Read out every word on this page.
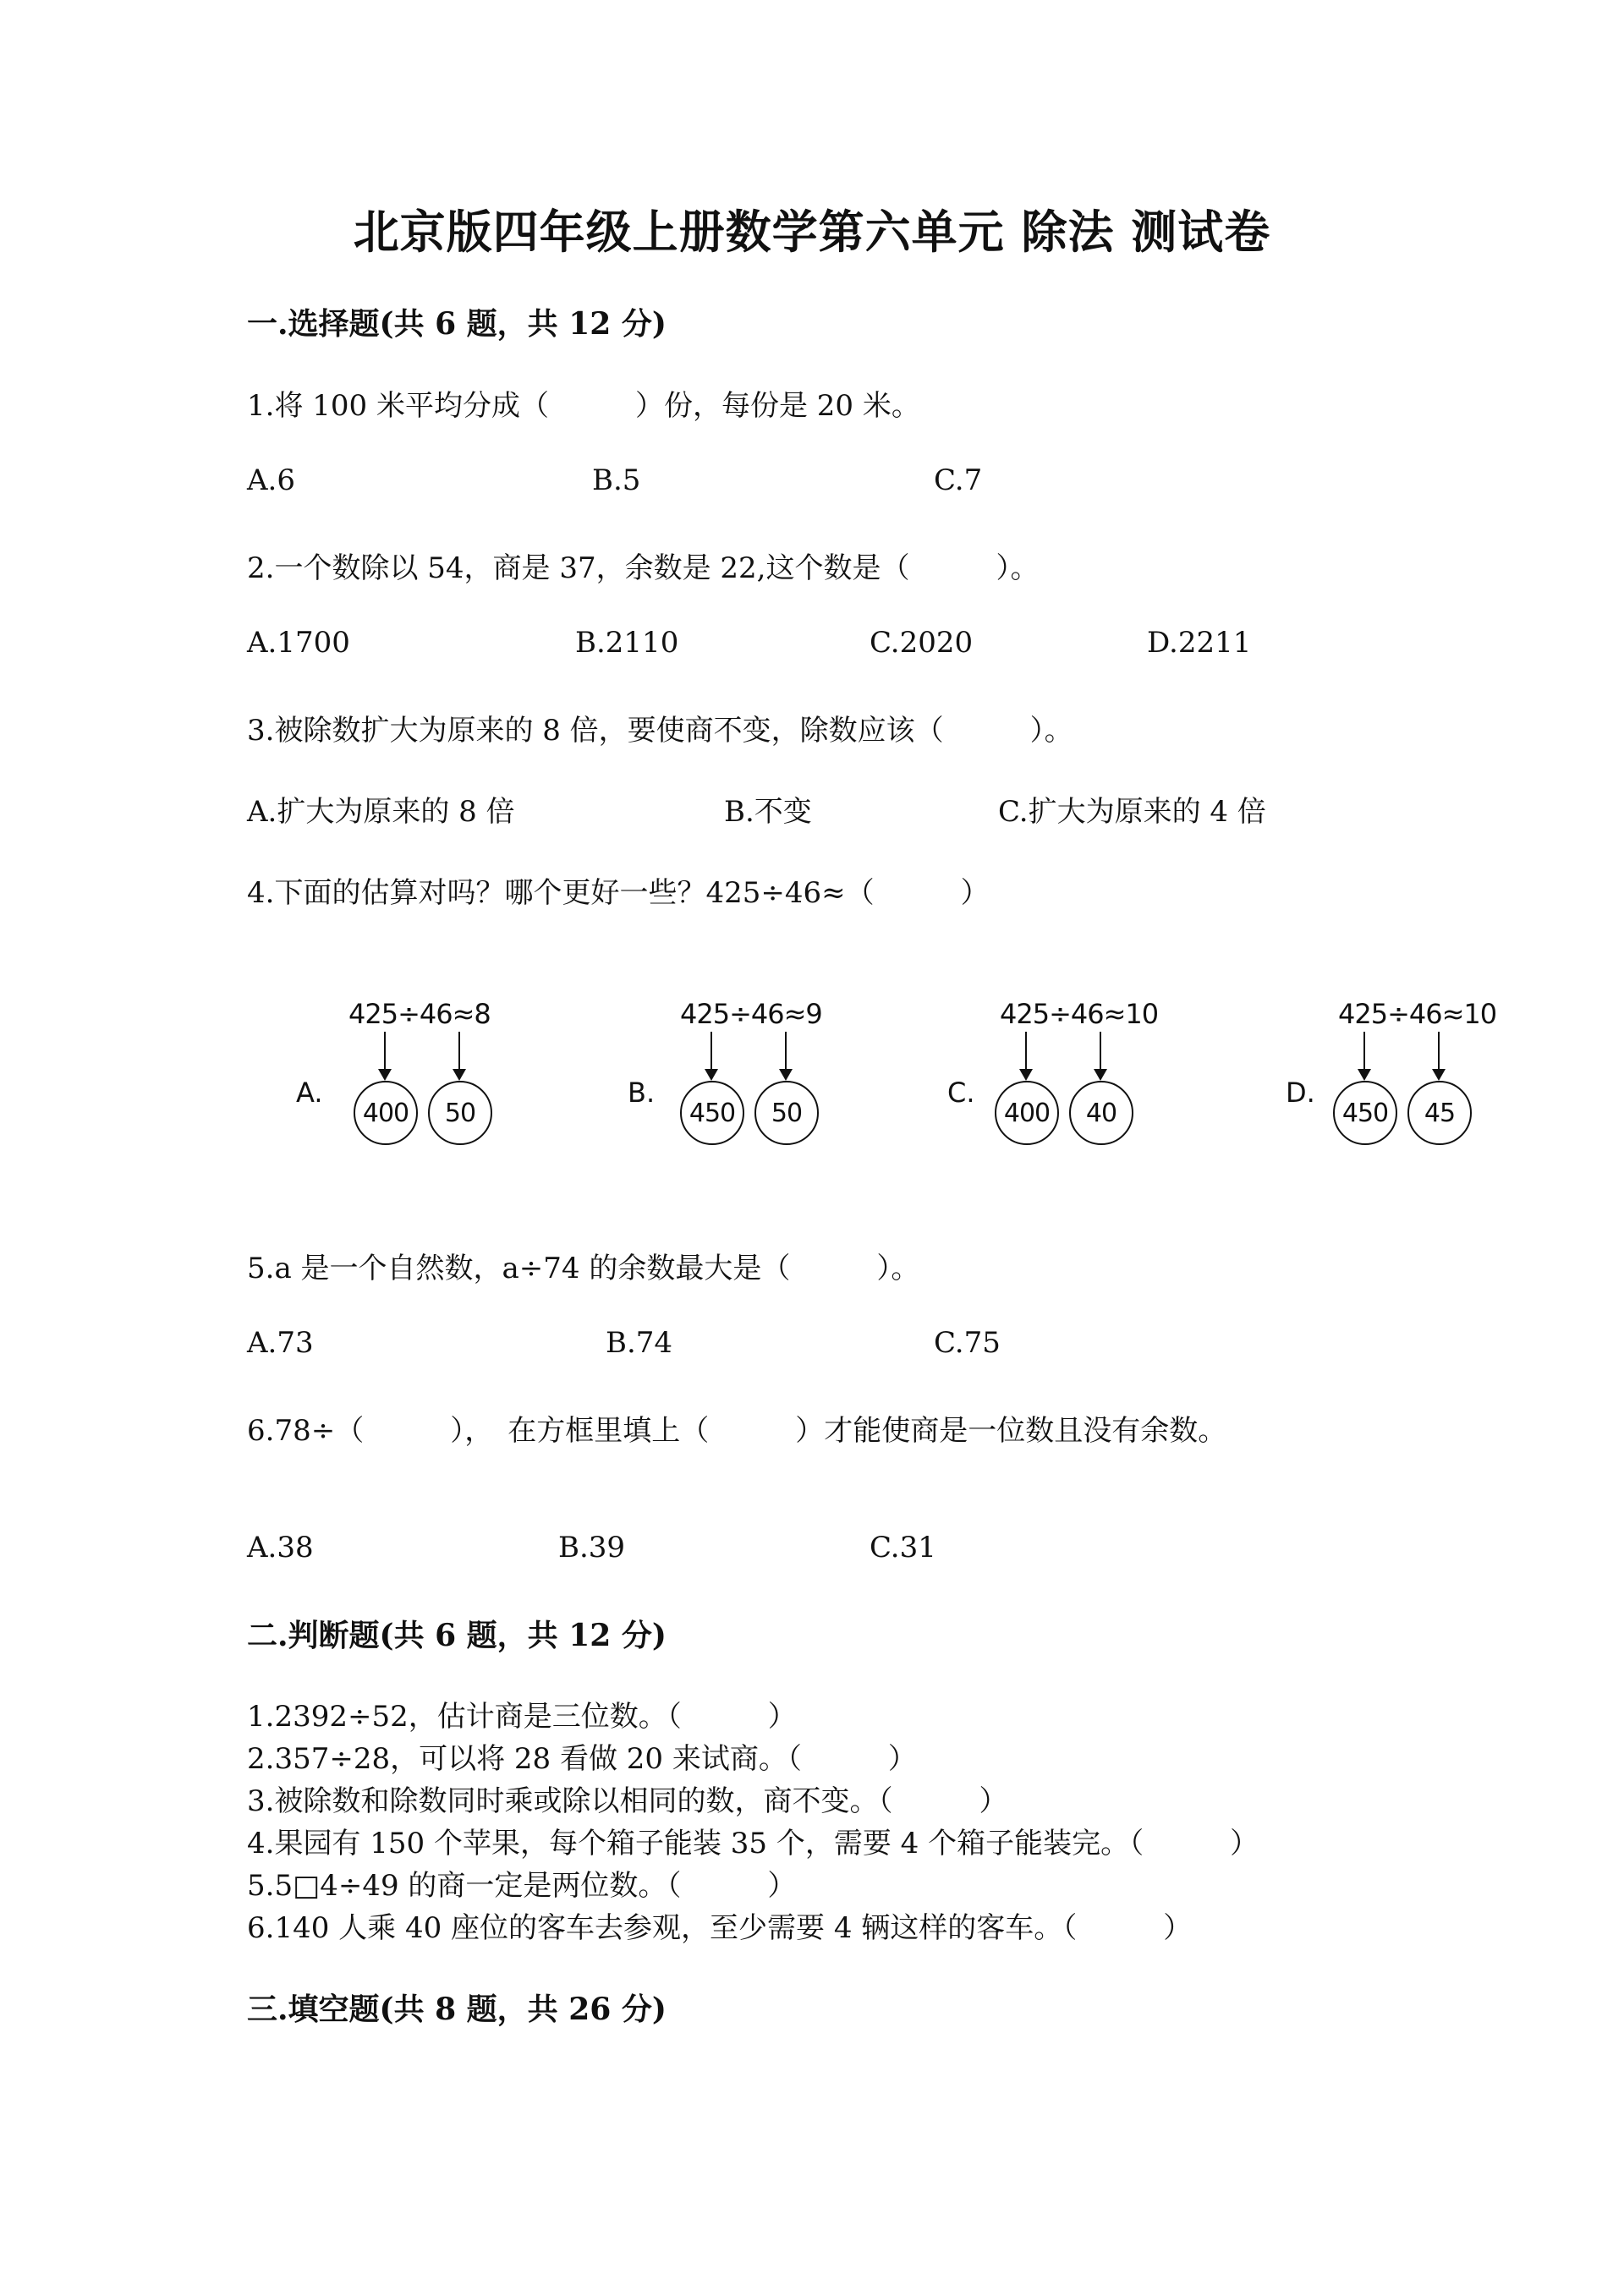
北京版四年级上册数学第六单元 除法 测试卷
一.选择题(共 6 题，共 12 分)
1.将 100 米平均分成（　　　）份，每份是 20 米。
A.6	B.5	C.7
2.一个数除以 54，商是 37，余数是 22,这个数是（　　　）。
A.1700	B.2110	C.2020	D.2211
3.被除数扩大为原来的 8 倍，要使商不变，除数应该（　　　）。
A.扩大为原来的 8 倍	B.不变	C.扩大为原来的 4 倍
4.下面的估算对吗？哪个更好一些？425÷46≈（　　　）
A.
425÷46≈8
400	50
B.
425÷46≈9
450	50
C.
425÷46≈10
400	40
D.
425÷46≈10
450	45
5.a 是一个自然数，a÷74 的余数最大是（　　　）。
A.73	B.74	C.75
6.78÷（　　　），　在方框里填上（　　　）才能使商是一位数且没有余数。
A.38	B.39	C.31
二.判断题(共 6 题，共 12 分)
1.2392÷52，估计商是三位数。（　　　）
2.357÷28，可以将 28 看做 20 来试商。（　　　）
3.被除数和除数同时乘或除以相同的数，商不变。（　　　）
4.果园有 150 个苹果，每个箱子能装 35 个，需要 4 个箱子能装完。（　　　）
5.5□4÷49 的商一定是两位数。（　　　）
6.140 人乘 40 座位的客车去参观，至少需要 4 辆这样的客车。（　　　）
三.填空题(共 8 题，共 26 分)
